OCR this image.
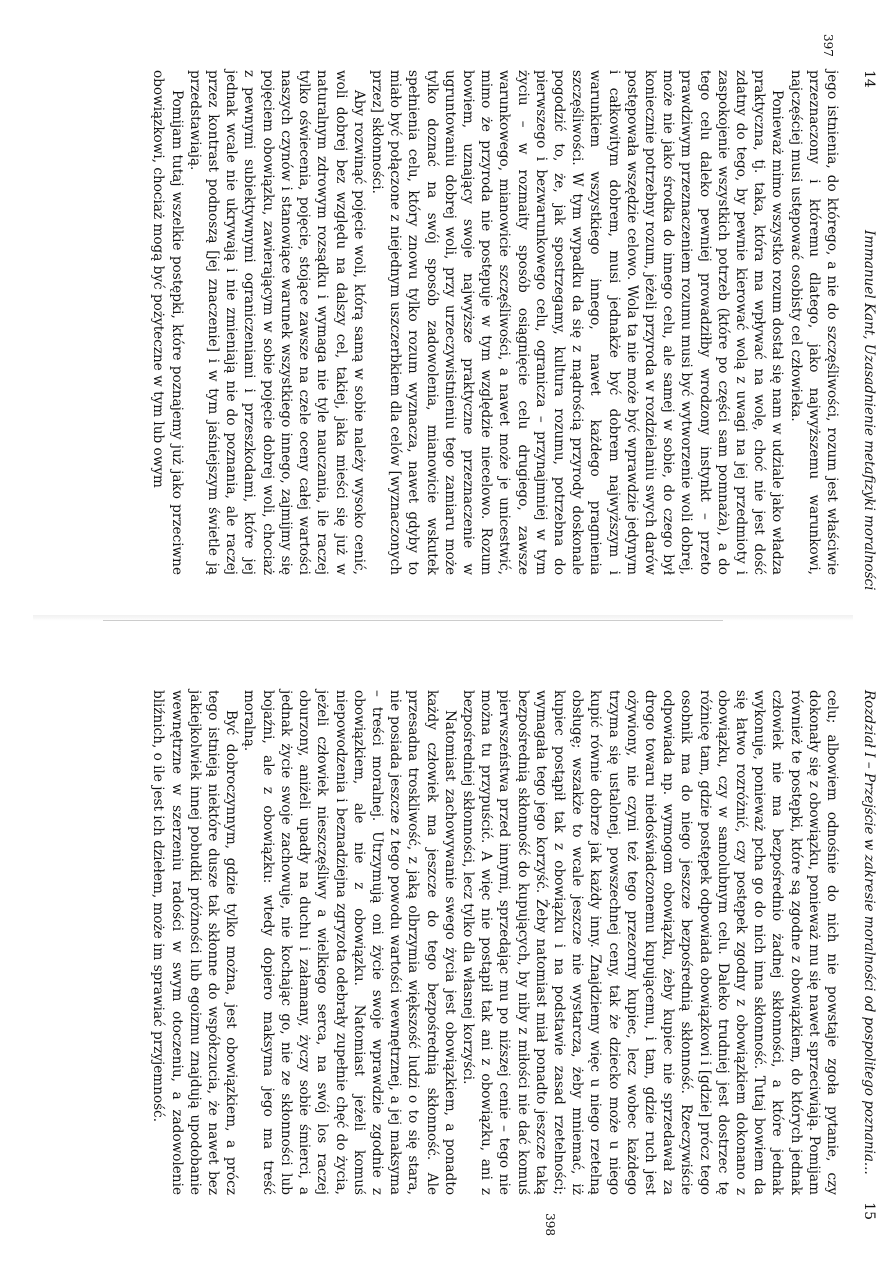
14
Immanuel Kant, Uzasadnienie metafizyki moralności
397

jego istnienia, do którego, a nie do szczęśliwości, rozum jest właściwie przeznaczony i któremu dlatego, jako najwyższemu warunkowi, najczęściej musi ustępować osobisty cel człowieka.

Ponieważ mimo wszystko rozum dostał się nam w udziale jako władza praktyczna, tj. taka, która ma wpływać na wolę, choć nie jest dość zdatny do tego, by pewnie kierować wolą z uwagi na jej przedmioty i zaspokojenie wszystkich potrzeb (które po części sam pomnaża), a do tego celu daleko pewniej prowadziłby wrodzony instynkt – przeto prawdziwym przeznaczeniem rozumu musi być wytworzenie woli dobrej, może nie jako środka do innego celu, ale samej w sobie, do czego był koniecznie potrzebny rozum, jeżeli przyroda w rozdzielaniu swych darów postępowała wszędzie celowo. Wola ta nie może być wprawdzie jedynym i całkowitym dobrem, musi jednakże być dobrem najwyższym i warunkiem wszystkiego innego, nawet każdego pragnienia szczęśliwości. W tym wypadku da się z mądrością przyrody doskonale pogodzić to, że, jak spostrzegamy, kultura rozumu, potrzebna do pierwszego i bezwarunkowego celu, ogranicza – przynajmniej w tym życiu – w rozmaity sposób osiągnięcie celu drugiego, zawsze warunkowego, mianowicie szczęśliwości, a nawet może je unicestwić, mimo że przyroda nie postępuje w tym względzie niecelowo. Rozum bowiem, uznający swoje najwyższe praktyczne przeznaczenie w ugruntowaniu dobrej woli, przy urzeczywistnieniu tego zamiaru może tylko doznać na swój sposób zadowolenia, mianowicie wskutek spełnienia celu, który znowu tylko rozum wyznacza, nawet gdyby to miało być połączone z niejednym uszczerbkiem dla celów [wyznaczonych przez] skłonności.

Aby rozwinąć pojęcie woli, którą samą w sobie należy wysoko cenić, woli dobrej bez względu na dalszy cel, takiej, jaka mieści się już w naturalnym zdrowym rozsądku i wymaga nie tyle nauczania, ile raczej tylko oświecenia, pojęcie, stojące zawsze na czele oceny całej wartości naszych czynów i stanowiące warunek wszystkiego innego, zajmijmy się pojęciem obowiązku, zawierającym w sobie pojęcie dobrej woli, chociaż z pewnymi subiektywnymi ograniczeniami i przeszkodami, które jej jednak wcale nie ukrywają i nie zmieniają nie do poznania, ale raczej przez kontrast podnoszą [jej znaczenie] i w tym jaśniejszym świetle ją przedstawiają.

Pomijam tutaj wszelkie postępki, które poznajemy już jako przeciwne obowiązkowi, chociaż mogą być pożyteczne w tym lub owym

Rozdział I – Przejście w zakresie moralności od pospolitego poznania...
15
398

celu; albowiem odnośnie do nich nie powstaje zgoła pytanie, czy dokonały się z obowiązku, ponieważ mu się nawet sprzeciwiają. Pomijam również te postępki, które są zgodne z obowiązkiem, do których jednak człowiek nie ma bezpośrednio żadnej skłonności, a które jednak wykonuje, ponieważ pcha go do nich inna skłonność. Tutaj bowiem da się łatwo rozróżnić, czy postępek zgodny z obowiązkiem dokonano z obowiązku, czy w samolubnym celu. Daleko trudniej jest dostrzec tę różnicę tam, gdzie postępek odpowiada obowiązkowi i [gdzie] prócz tego osobnik ma do niego jeszcze bezpośrednią skłonność. Rzeczywiście odpowiada np. wymogom obowiązku, żeby kupiec nie sprzedawał za drogo towaru niedoświadczonemu kupującemu, i tam, gdzie ruch jest ożywiony, nie czyni też tego przezorny kupiec, lecz wobec każdego trzyma się ustalonej, powszechnej ceny, tak że dziecko może u niego kupić równie dobrze jak każdy inny. Znajdziemy więc u niego rzetelną obsługę; wszakże to wcale jeszcze nie wystarcza, żeby mniemać, iż kupiec postąpił tak z obowiązku i na podstawie zasad rzetelności; wymagała tego jego korzyść. Żeby natomiast miał ponadto jeszcze taką bezpośrednią skłonność do kupujących, by niby z miłości nie dać komuś pierwszeństwa przed innymi, sprzedając mu po niższej cenie – tego nie można tu przypuścić. A więc nie postąpił tak ani z obowiązku, ani z bezpośredniej skłonności, lecz tylko dla własnej korzyści.

Natomiast zachowywanie swego życia jest obowiązkiem, a ponadto każdy człowiek ma jeszcze do tego bezpośrednią skłonność. Ale przesadna troskliwość, z jaką olbrzymia większość ludzi o to się stara, nie posiada jeszcze z tego powodu wartości wewnętrznej, a jej maksyma – treści moralnej. Utrzymują oni życie swoje wprawdzie zgodnie z obowiązkiem, ale nie z obowiązku. Natomiast jeżeli komuś niepowodzenia i beznadziejna zgryzota odebrały zupełnie chęć do życia, jeżeli człowiek nieszczęśliwy a wielkiego serca, na swój los raczej oburzony, aniżeli upadły na duchu i załamany, życzy sobie śmierci, a jednak życie swoje zachowuje, nie kochając go, nie ze skłonności lub bojaźni, ale z obowiązku: wtedy dopiero maksyma jego ma treść moralną.

Być dobroczynnym, gdzie tylko można, jest obowiązkiem, a prócz tego istnieją niektóre dusze tak skłonne do współczucia, że nawet bez jakiejkolwiek innej pobudki próżności lub egoizmu znajdują upodobanie wewnętrzne w szerzeniu radości w swym otoczeniu, a zadowolenie bliźnich, o ile jest ich dziełem, może im sprawiać przyjemność.
